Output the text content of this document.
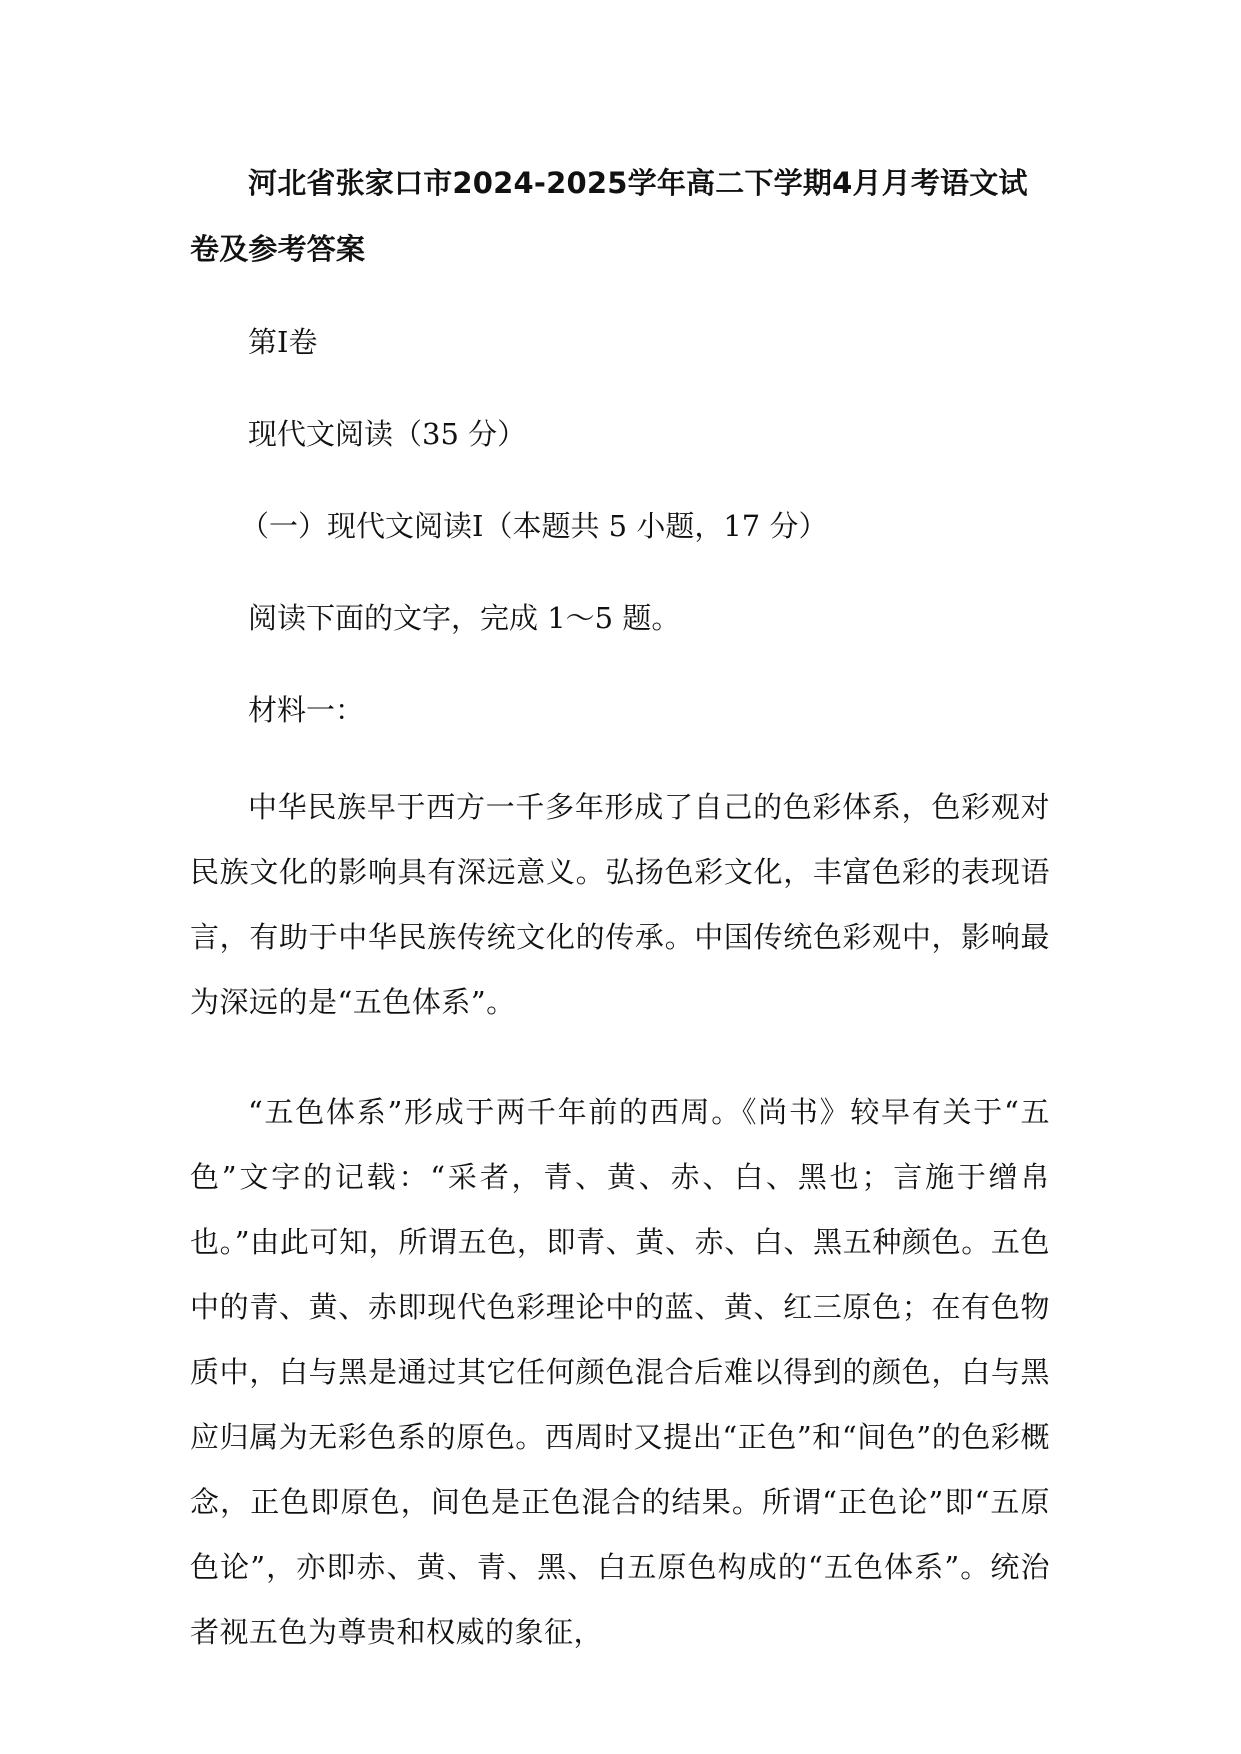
河北省张家口市2024-2025学年高二下学期4月月考语文试卷及参考答案

第Ⅰ卷

现代文阅读（35 分）

（一）现代文阅读Ⅰ（本题共 5 小题，17 分）

阅读下面的文字，完成 1～5 题。

材料一：

中华民族早于西方一千多年形成了自己的色彩体系，色彩观对民族文化的影响具有深远意义。弘扬色彩文化，丰富色彩的表现语言，有助于中华民族传统文化的传承。中国传统色彩观中，影响最为深远的是“五色体系”。

“五色体系”形成于两千年前的西周。《尚书》较早有关于“五色”文字的记载：“采者，青、黄、赤、白、黑也；言施于缯帛也。”由此可知，所谓五色，即青、黄、赤、白、黑五种颜色。五色中的青、黄、赤即现代色彩理论中的蓝、黄、红三原色；在有色物质中，白与黑是通过其它任何颜色混合后难以得到的颜色，白与黑应归属为无彩色系的原色。西周时又提出“正色”和“间色”的色彩概念，正色即原色，间色是正色混合的结果。所谓“正色论”即“五原色论”，亦即赤、黄、青、黑、白五原色构成的“五色体系”。统治者视五色为尊贵和权威的象征，
